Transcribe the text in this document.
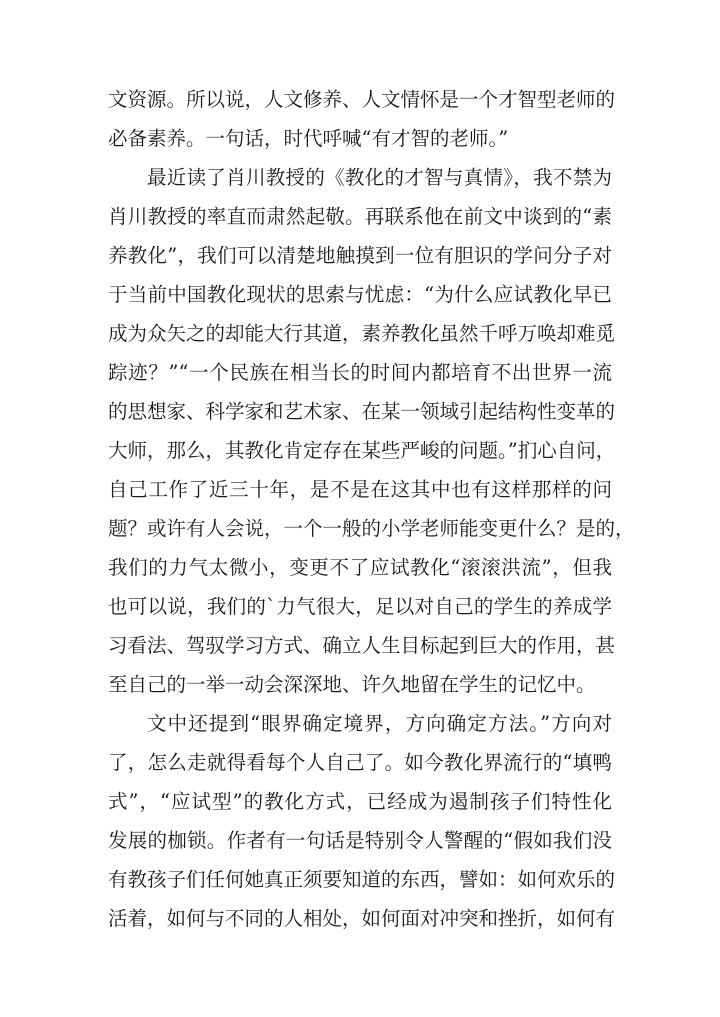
文资源。所以说，人文修养、人文情怀是一个才智型老师的
必备素养。一句话，时代呼喊“有才智的老师。”
最近读了肖川教授的《教化的才智与真情》，我不禁为
肖川教授的率直而肃然起敬。再联系他在前文中谈到的“素
养教化”，我们可以清楚地触摸到一位有胆识的学问分子对
于当前中国教化现状的思索与忧虑：“为什么应试教化早已
成为众矢之的却能大行其道，素养教化虽然千呼万唤却难觅
踪迹？”“一个民族在相当长的时间内都培育不出世界一流
的思想家、科学家和艺术家、在某一领域引起结构性变革的
大师，那么，其教化肯定存在某些严峻的问题。”扪心自问，
自己工作了近三十年，是不是在这其中也有这样那样的问
题？或许有人会说，一个一般的小学老师能变更什么？是的，
我们的力气太微小，变更不了应试教化“滚滚洪流”，但我
也可以说，我们的`力气很大，足以对自己的学生的养成学
习看法、驾驭学习方式、确立人生目标起到巨大的作用，甚
至自己的一举一动会深深地、许久地留在学生的记忆中。
文中还提到“眼界确定境界，方向确定方法。”方向对
了，怎么走就得看每个人自己了。如今教化界流行的“填鸭
式”，“应试型”的教化方式，已经成为遏制孩子们特性化
发展的枷锁。作者有一句话是特别令人警醒的“假如我们没
有教孩子们任何她真正须要知道的东西，譬如：如何欢乐的
活着，如何与不同的人相处，如何面对冲突和挫折，如何有
